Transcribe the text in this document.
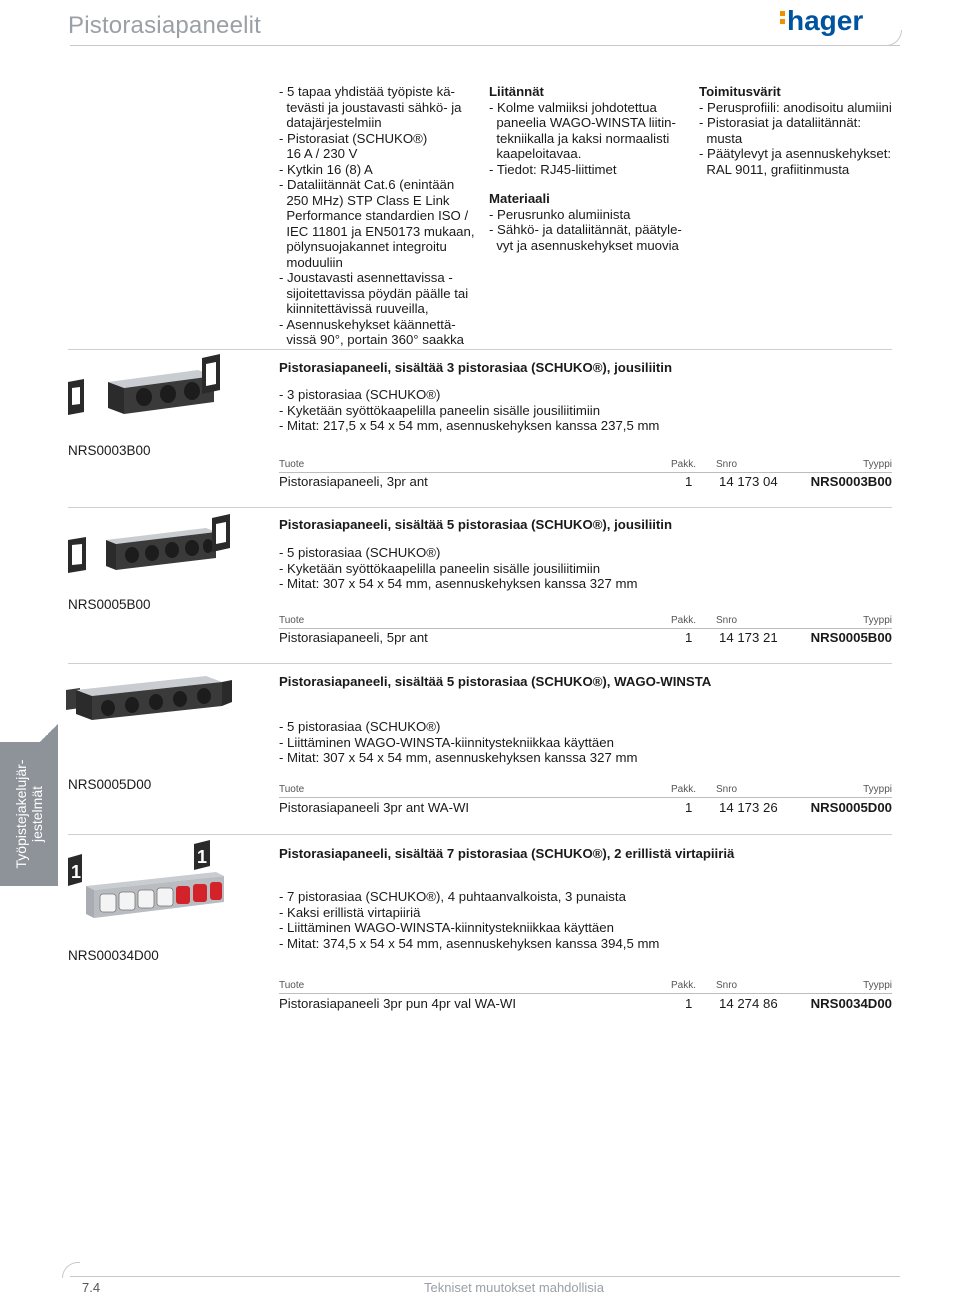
Pistorasiapaneelit	hager

- 5 tapaa yhdistää työpiste kä-

tevästi ja joustavasti sähkö- ja

datajärjestelmiin

- Pistorasiat (SCHUKO®)

16 A / 230 V

- Kytkin 16 (8) A

- Dataliitännät Cat.6 (enintään

250 MHz) STP Class E Link

Performance standardien ISO /

IEC 11801 ja EN50173 mukaan,

pölynsuojakannet integroitu

moduuliin

- Joustavasti asennettavissa -

sijoitettavissa pöydän päälle tai

kiinnitettävissä ruuveilla,

- Asennuskehykset käännettä-

vissä 90°, portain 360° saakka

Liitännät

- Kolme valmiiksi johdotettua

paneelia WAGO-WINSTA liitin-

tekniikalla ja kaksi normaalisti

kaapeloitavaa.

- Tiedot: RJ45-liittimet

Materiaali

- Perusrunko alumiinista

- Sähkö- ja dataliitännät, päätyle-

vyt ja asennuskehykset muovia

Toimitusvärit

- Perusprofiili: anodisoitu alumiini

- Pistorasiat ja dataliitännät:

musta

- Päätylevyt ja asennuskehykset:

RAL 9011, grafiitinmusta

NRS0003B00
Pistorasiapaneeli, sisältää 3 pistorasiaa (SCHUKO®), jousiliitin

- 3 pistorasiaa (SCHUKO®)

- Kyketään syöttökaapelilla paneelin sisälle jousiliitimiin

- Mitat: 217,5 x 54 x 54 mm, asennuskehyksen kanssa 237,5 mm

Tuote	Pakk. Snro	Tyyppi
Pistorasiapaneeli, 3pr ant	1 14 173 04 NRS0003B00
NRS0005B00
Pistorasiapaneeli, sisältää 5 pistorasiaa (SCHUKO®), jousiliitin

- 5 pistorasiaa (SCHUKO®)

- Kyketään syöttökaapelilla paneelin sisälle jousiliitimiin

- Mitat: 307 x 54 x 54 mm, asennuskehyksen kanssa 327 mm

Tuote	Pakk. Snro	Tyyppi
Pistorasiapaneeli, 5pr ant	1 14 173 21 NRS0005B00
NRS0005D00
Pistorasiapaneeli, sisältää 5 pistorasiaa (SCHUKO®), WAGO-WINSTA

- 5 pistorasiaa (SCHUKO®)

- Liittäminen WAGO-WINSTA-kiinnitystekniikkaa käyttäen

- Mitat: 307 x 54 x 54 mm, asennuskehyksen kanssa 327 mm

Tuote	Pakk. Snro	Tyyppi
Pistorasiapaneeli 3pr ant WA-WI	1 14 173 26 NRS0005D00
1
1
NRS00034D00
Pistorasiapaneeli, sisältää 7 pistorasiaa (SCHUKO®), 2 erillistä virtapiiriä

- 7 pistorasiaa (SCHUKO®), 4 puhtaanvalkoista, 3 punaista

- Kaksi erillistä virtapiiriä

- Liittäminen WAGO-WINSTA-kiinnitystekniikkaa käyttäen

- Mitat: 374,5 x 54 x 54 mm, asennuskehyksen kanssa 394,5 mm

Tuote	Pakk. Snro	Tyyppi
Pistorasiapaneeli 3pr pun 4pr val WA-WI	1 14 274 86 NRS0034D00
Työpistejakelujär-
jestelmät
7.4	Tekniset muutokset mahdollisia
